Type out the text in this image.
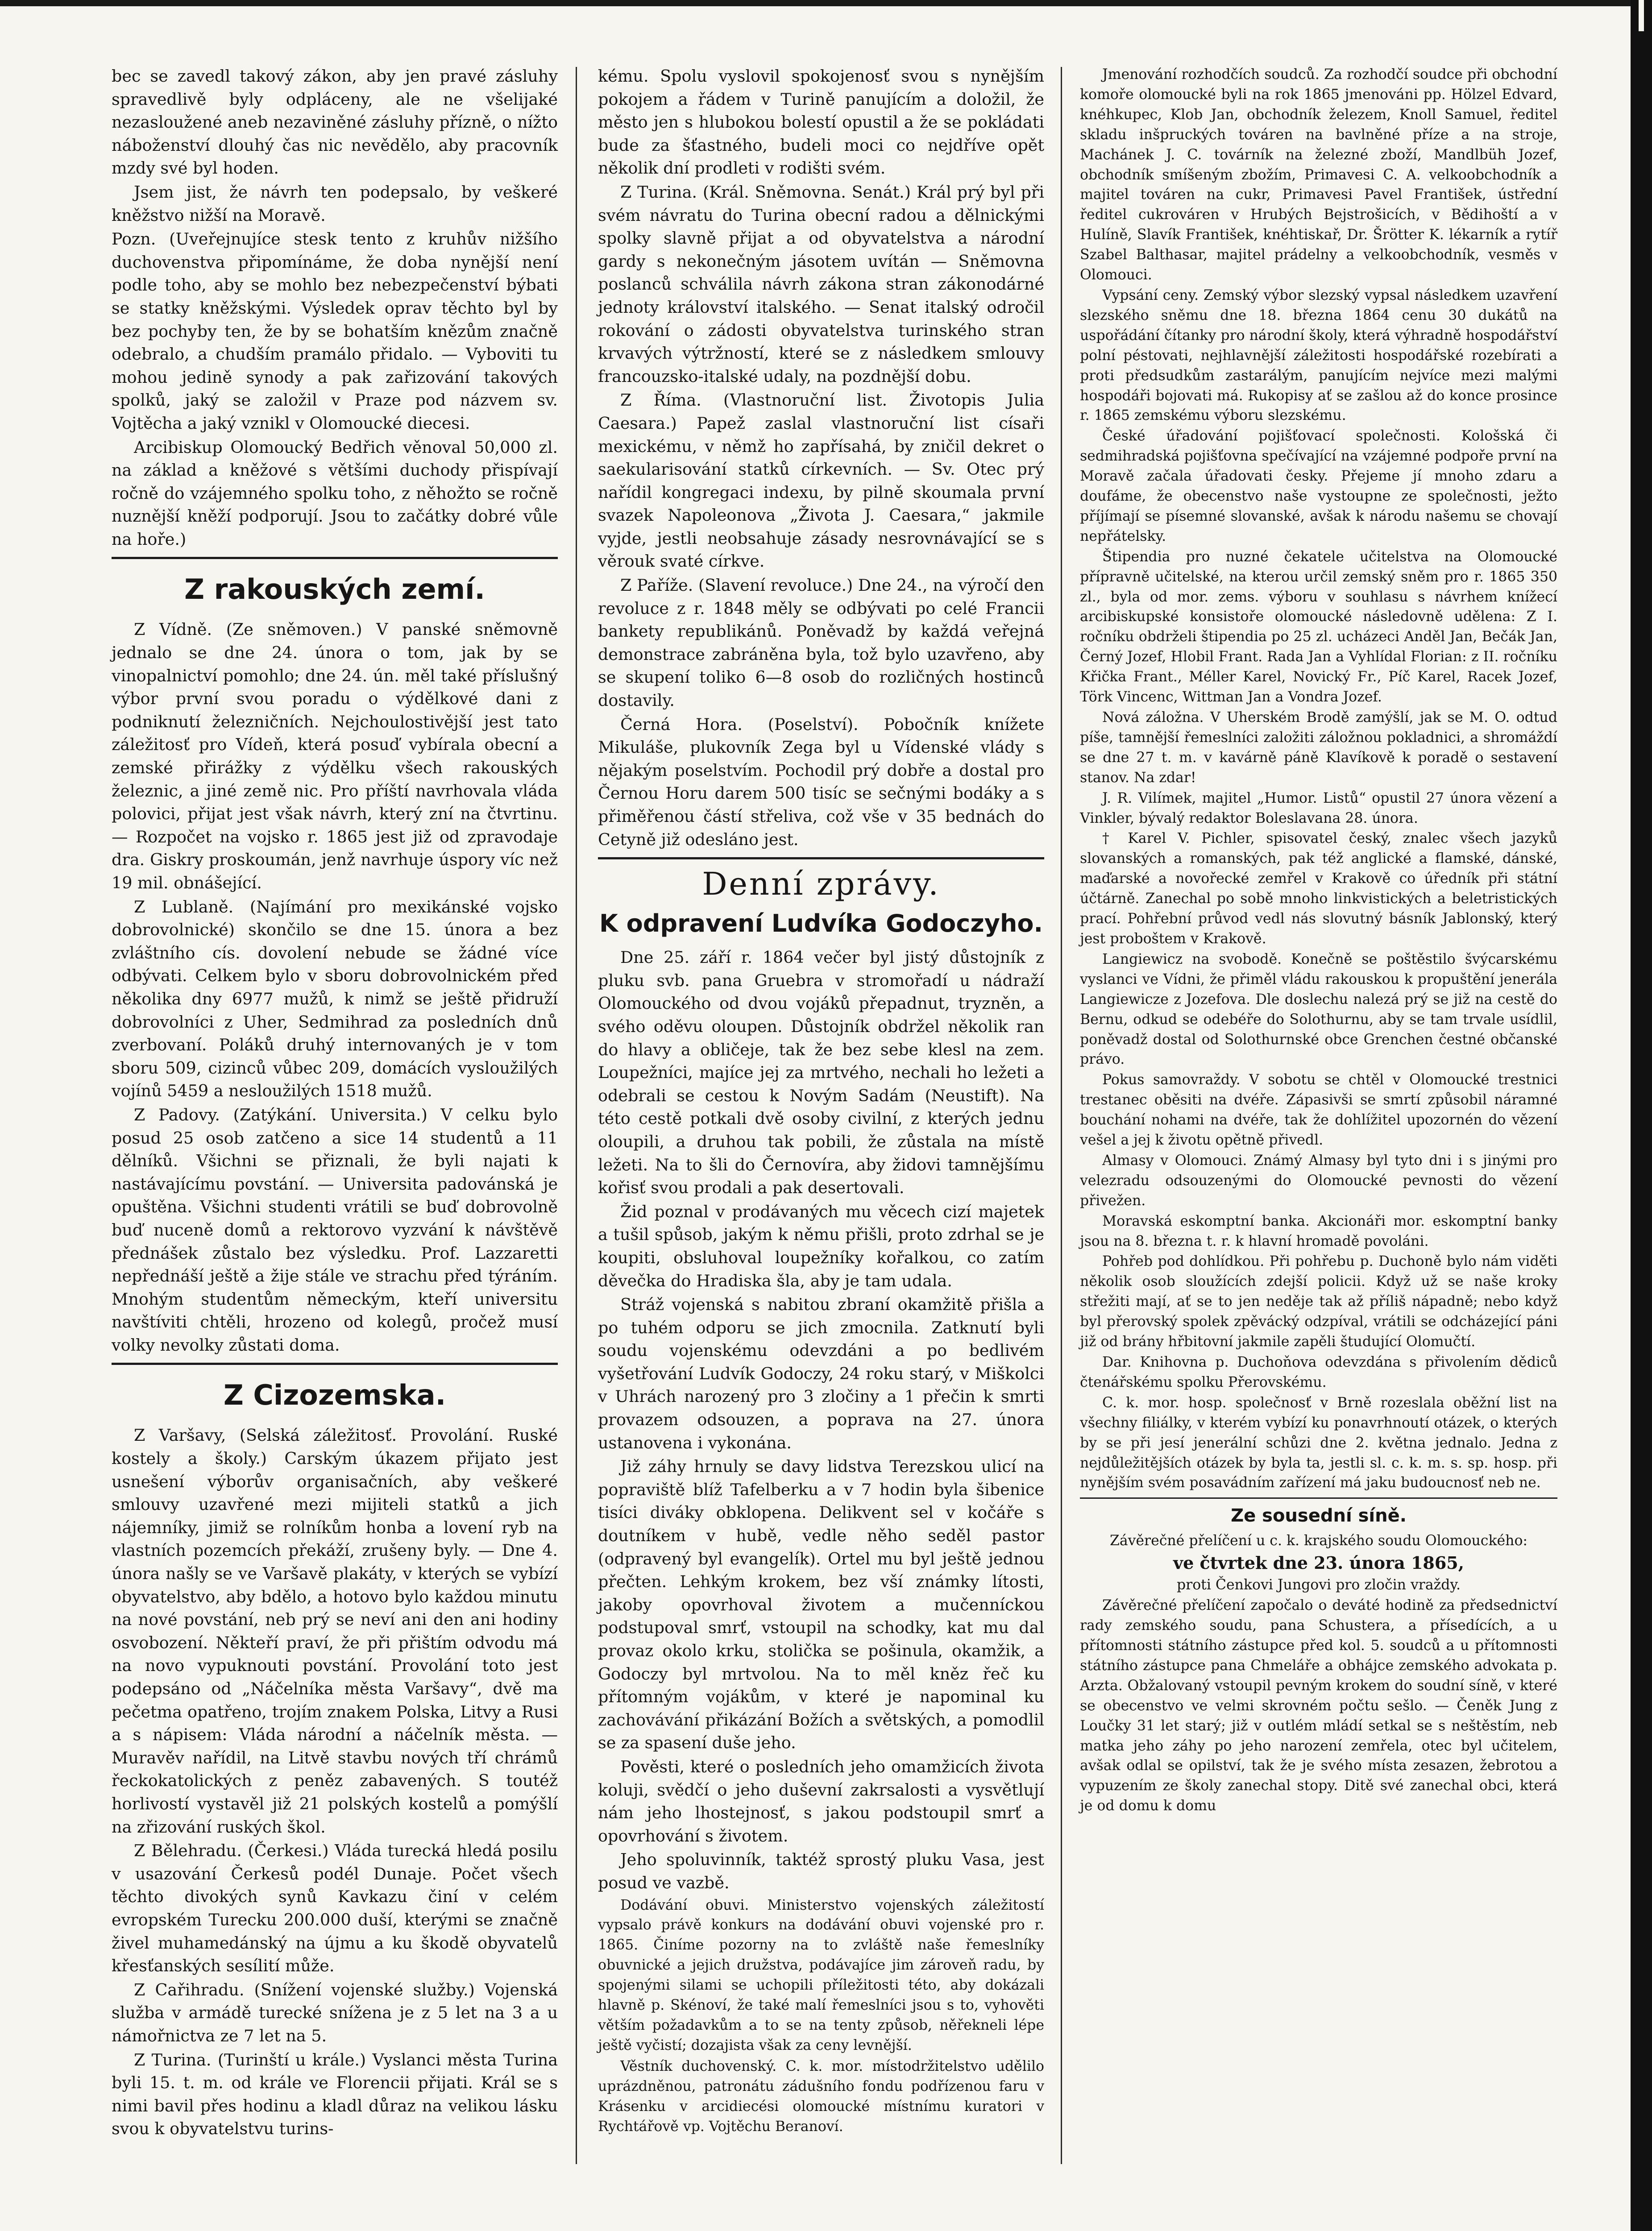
bec se zavedl takový zákon, aby jen pravé zásluhy spravedlivě byly odpláceny, ale ne všelijaké nezasloužené aneb nezaviněné zásluhy přízně, o nížto náboženství dlouhý čas nic nevědělo, aby pracovník mzdy své byl hoden.

Jsem jist, že návrh ten podepsalo, by veškeré kněžstvo nižší na Moravě.

Pozn. (Uveřejnujíce stesk tento z kruhův nižšího duchovenstva připomínáme, že doba nynější není podle toho, aby se mohlo bez nebezpečenství býbati se statky kněžskými. Výsledek oprav těchto byl by bez pochyby ten, že by se bohatším knězům značně odebralo, a chudším pramálo přidalo. — Vyboviti tu mohou jedině synody a pak zařizování takových spolků, jaký se založil v Praze pod názvem sv. Vojtěcha a jaký vznikl v Olomoucké diecesi.

Arcibiskup Olomoucký Bedřich věnoval 50,000 zl. na základ a kněžové s většími duchody přispívají ročně do vzájemného spolku toho, z něhožto se ročně nuznější kněží podporují. Jsou to začátky dobré vůle na hoře.)

Z rakouských zemí.

Z Vídně. (Ze sněmoven.) V panské sněmovně jednalo se dne 24. února o tom, jak by se vinopalnictví pomohlo; dne 24. ún. měl také příslušný výbor první svou poradu o výdělkové dani z podniknutí železničních. Nejchoulostivější jest tato záležitosť pro Vídeň, která posuď vybírala obecní a zemské přirážky z výdělku všech rakouských železnic, a jiné země nic. Pro příští navrhovala vláda polovici, přijat jest však návrh, který zní na čtvrtinu. — Rozpočet na vojsko r. 1865 jest již od zpravodaje dra. Giskry proskoumán, jenž navrhuje úspory víc než 19 mil. obnášející.

Z Lublaně. (Najímání pro mexikánské vojsko dobrovolnické) skončilo se dne 15. února a bez zvláštního cís. dovolení nebude se žádné více odbývati. Celkem bylo v sboru dobrovolnickém před několika dny 6977 mužů, k nimž se ještě přidruží dobrovolníci z Uher, Sedmihrad za posledních dnů zverbovaní. Poláků druhý internovaných je v tom sboru 509, cizinců vůbec 209, domácích vysloužilých vojínů 5459 a nesloužilých 1518 mužů.

Z Padovy. (Zatýkání. Universita.) V celku bylo posud 25 osob zatčeno a sice 14 studentů a 11 dělníků. Všichni se přiznali, že byli najati k nastávajícímu povstání. — Universita padovánská je opuštěna. Všichni studenti vrátili se buď dobrovolně buď nuceně domů a rektorovo vyzvání k návštěvě přednášek zůstalo bez výsledku. Prof. Lazzaretti nepřednáší ještě a žije stále ve strachu před týráním. Mnohým studentům německým, kteří universitu navštíviti chtěli, hrozeno od kolegů, pročež musí volky nevolky zůstati doma.

Z Cizozemska.

Z Varšavy, (Selská záležitosť. Provolání. Ruské kostely a školy.) Carským úkazem přijato jest usnešení výborův organisačních, aby veškeré smlouvy uzavřené mezi mijiteli statků a jich nájemníky, jimiž se rolníkům honba a lovení ryb na vlastních pozemcích překáží, zrušeny byly. — Dne 4. února našly se ve Varšavě plakáty, v kterých se vybízí obyvatelstvo, aby bdělo, a hotovo bylo každou minutu na nové povstání, neb prý se neví ani den ani hodiny osvobození. Někteří praví, že při přištím odvodu má na novo vypuknouti povstání. Provolání toto jest podepsáno od „Náčelníka města Varšavy“, dvě ma pečetma opatřeno, trojím znakem Polska, Litvy a Rusi a s nápisem: Vláda národní a náčelník města. — Muravěv nařídil, na Litvě stavbu nových tří chrámů řeckokatolických z peněz zabavených. S toutéž horlivostí vystavěl již 21 polských kostelů a pomýšlí na zřizování ruských škol.

Z Bělehradu. (Čerkesi.) Vláda turecká hledá posilu v usazování Čerkesů podél Dunaje. Počet všech těchto divokých synů Kavkazu činí v celém evropském Turecku 200.000 duší, kterými se značně živel muhamedánský na újmu a ku škodě obyvatelů křesťanských sesílití může.

Z Cařihradu. (Snížení vojenské služby.) Vojenská služba v armádě turecké snížena je z 5 let na 3 a u námořnictva ze 7 let na 5.

Z Turina. (Turinští u krále.) Vyslanci města Turina byli 15. t. m. od krále ve Florencii přijati. Král se s nimi bavil přes hodinu a kladl důraz na velikou lásku svou k obyvatelstvu turins-

kému. Spolu vyslovil spokojenosť svou s nynějším pokojem a řádem v Turině panujícím a doložil, že město jen s hlubokou bolestí opustil a že se pokládati bude za šťastného, budeli moci co nejdříve opět několik dní prodleti v rodišti svém.

Z Turina. (Král. Sněmovna. Senát.) Král prý byl při svém návratu do Turina obecní radou a dělnickými spolky slavně přijat a od obyvatelstva a národní gardy s nekonečným jásotem uvítán — Sněmovna poslanců schválila návrh zákona stran zákonodárné jednoty království italského. — Senat italský odročil rokování o zádosti obyvatelstva turinského stran krvavých výtržností, které se z následkem smlouvy francouzsko-italské udaly, na pozdnější dobu.

Z Říma. (Vlastnoruční list. Životopis Julia Caesara.) Papež zaslal vlastnoruční list císaři mexickému, v němž ho zapřísahá, by zničil dekret o saekularisování statků církevních. — Sv. Otec prý nařídil kongregaci indexu, by pilně skoumala první svazek Napoleonova „Života J. Caesara,“ jakmile vyjde, jestli neobsahuje zásady nesrovnávající se s věrouk svaté církve.

Z Paříže. (Slavení revoluce.) Dne 24., na výročí den revoluce z r. 1848 měly se odbývati po celé Francii bankety republikánů. Poněvadž by každá veřejná demonstrace zabráněna byla, tož bylo uzavřeno, aby se skupení toliko 6—8 osob do rozličných hostinců dostavily.

Černá Hora. (Poselství). Pobočník knížete Mikuláše, plukovník Zega byl u Vídenské vlády s nějakým poselstvím. Pochodil prý dobře a dostal pro Černou Horu darem 500 tisíc se sečnými bodáky a s přiměřenou částí střeliva, což vše v 35 bednách do Cetyně již odesláno jest.

Denní zprávy.
K odpravení Ludvíka Godoczyho.

Dne 25. září r. 1864 večer byl jistý důstojník z pluku svb. pana Gruebra v stromořadí u nádraží Olomouckého od dvou vojáků přepadnut, tryzněn, a svého oděvu oloupen. Důstojník obdržel několik ran do hlavy a obličeje, tak že bez sebe klesl na zem. Loupežníci, majíce jej za mrtvého, nechali ho ležeti a odebrali se cestou k Novým Sadám (Neustift). Na této cestě potkali dvě osoby civilní, z kterých jednu oloupili, a druhou tak pobili, že zůstala na místě ležeti. Na to šli do Černovíra, aby židovi tamnějšímu kořisť svou prodali a pak desertovali.

Žid poznal v prodávaných mu věcech cizí majetek a tušil spůsob, jakým k němu přišli, proto zdrhal se je koupiti, obsluhoval loupežníky kořalkou, co zatím děvečka do Hradiska šla, aby je tam udala.

Stráž vojenská s nabitou zbraní okamžitě přišla a po tuhém odporu se jich zmocnila. Zatknutí byli soudu vojenskému odevzdáni a po bedlivém vyšetřování Ludvík Godoczy, 24 roku starý, v Miškolci v Uhrách narozený pro 3 zločiny a 1 přečin k smrti provazem odsouzen, a poprava na 27. února ustanovena i vykonána.

Již záhy hrnuly se davy lidstva Terezskou ulicí na popraviště blíž Tafelberku a v 7 hodin byla šibenice tisíci diváky obklopena. Delikvent sel v kočáře s doutníkem v hubě, vedle něho seděl pastor (odpravený byl evangelík). Ortel mu byl ještě jednou přečten. Lehkým krokem, bez vší známky lítosti, jakoby opovrhoval životem a mučenníckou podstupoval smrť, vstoupil na schodky, kat mu dal provaz okolo krku, stolička se pošinula, okamžik, a Godoczy byl mrtvolou. Na to měl kněz řeč ku přítomným vojákům, v které je napominal ku zachovávání přikázání Božích a světských, a pomodlil se za spasení duše jeho.

Pověsti, které o posledních jeho omamžicích života koluji, svědčí o jeho duševní zakrsalosti a vysvětlují nám jeho lhostejnosť, s jakou podstoupil smrť a opovrhování s životem.

Jeho spoluvinník, taktéž sprostý pluku Vasa, jest posud ve vazbě.

Dodávání obuvi. Ministerstvo vojenských záležitostí vypsalo právě konkurs na dodávání obuvi vojenské pro r. 1865. Činíme pozorny na to zvláště naše řemeslníky obuvnické a jejich družstva, podávajíce jim zároveň radu, by spojenými silami se uchopili příležitosti této, aby dokázali hlavně p. Skénoví, že také malí řemeslníci jsou s to, vyhověti větším požadavkům a to se na tenty způsob, něřekneli lépe ještě vyčistí; dozajista však za ceny levnější.

Věstník duchovenský. C. k. mor. místodržitelstvo udělilo uprázdněnou, patronátu zádušního fondu podřízenou faru v Krásenku v arcidiecési olomoucké místnímu kuratori v Rychtářově vp. Vojtěchu Beranoví.

Jmenování rozhodčích soudců. Za rozhodčí soudce při obchodní komoře olomoucké byli na rok 1865 jmenováni pp. Hölzel Edvard, knéhkupec, Klob Jan, obchodník železem, Knoll Samuel, ředitel skladu inšpruckých továren na bavlněné příze a na stroje, Machánek J. C. továrník na železné zboží, Mandlbüh Jozef, obchodník smíšeným zbožím, Primavesi C. A. velkoobchodník a majitel továren na cukr, Primavesi Pavel František, ústřední ředitel cukrováren v Hrubých Bejstrošicích, v Bědihoští a v Hulíně, Slavík František, knéhtiskař, Dr. Šrötter K. lékarník a rytíř Szabel Balthasar, majitel prádelny a velkoobchodník, vesměs v Olomouci.

Vypsání ceny. Zemský výbor slezský vypsal následkem uzavření slezského sněmu dne 18. března 1864 cenu 30 dukátů na uspořádání čítanky pro národní školy, která výhradně hospodářství polní péstovati, nejhlavnější záležitosti hospodářské rozebírati a proti předsudkům zastarálým, panujícím nejvíce mezi malými hospodáři bojovati má. Rukopisy ať se zašlou až do konce prosince r. 1865 zemskému výboru slezskému.

České úřadování pojišťovací společnosti. Kološská či sedmihradská pojišťovna spečívající na vzájemné podpoře první na Moravě začala úřadovati česky. Přejeme jí mnoho zdaru a doufáme, že obecenstvo naše vystoupne ze společnosti, ježto příjímají se písemné slovanské, avšak k národu našemu se chovají nepřátelsky.

Štipendia pro nuzné čekatele učitelstva na Olomoucké přípravně učitelské, na kterou určil zemský sněm pro r. 1865 350 zl., byla od mor. zems. výboru v souhlasu s návrhem knížecí arcibiskupské konsistoře olomoucké následovně udělena: Z I. ročníku obdrželi štipendia po 25 zl. ucházeci Anděl Jan, Bečák Jan, Černý Jozef, Hlobil Frant. Rada Jan a Vyhlídal Florian: z II. ročníku Křička Frant., Méller Karel, Novický Fr., Píč Karel, Racek Jozef, Törk Vincenc, Wittman Jan a Vondra Jozef.

Nová záložna. V Uherském Brodě zamýšlí, jak se M. O. odtud píše, tamnější řemeslníci založiti záložnou pokladnici, a shromáždí se dne 27 t. m. v kavárně páně Klavíkově k poradě o sestavení stanov. Na zdar!

J. R. Vilímek, majitel „Humor. Listů“ opustil 27 února vězení a Vinkler, bývalý redaktor Boleslavana 28. února.

† Karel V. Pichler, spisovatel český, znalec všech jazyků slovanských a romanských, pak též anglické a flamské, dánské, maďarské a novořecké zemřel v Krakově co úředník při státní účtárně. Zanechal po sobě mnoho linkvistických a beletristických prací. Pohřební průvod vedl nás slovutný básník Jablonský, který jest proboštem v Krakově.

Langiewicz na svobodě. Konečně se poštěstilo švýcarskému vyslanci ve Vídni, že přiměl vládu rakouskou k propuštění jenerála Langiewicze z Jozefova. Dle doslechu nalezá prý se již na cestě do Bernu, odkud se odebéře do Solothurnu, aby se tam trvale usídlil, poněvadž dostal od Solothurnské obce Grenchen čestné občanské právo.

Pokus samovraždy. V sobotu se chtěl v Olomoucké trestnici trestanec oběsiti na dvéře. Zápasivši se smrtí způsobil náramné bouchání nohami na dvéře, tak že dohlížitel upozornén do vězení vešel a jej k životu opětně přivedl.

Almasy v Olomouci. Známý Almasy byl tyto dni i s jinými pro velezradu odsouzenými do Olomoucké pevnosti do vězení přivežen.

Moravská eskomptní banka. Akcionáři mor. eskomptní banky jsou na 8. března t. r. k hlavní hromadě povoláni.

Pohřeb pod dohlídkou. Při pohřebu p. Duchoně bylo nám viděti několik osob sloužících zdejší policii. Když už se naše kroky střežiti mají, ať se to jen neděje tak až příliš nápadně; nebo když byl přerovský spolek zpěvácký odzpíval, vrátili se odcházející páni již od brány hřbitovní jakmile zapěli študující Olomučtí.

Dar. Knihovna p. Duchoňova odevzdána s přivolením dědiců čtenářskému spolku Přerovskému.

C. k. mor. hosp. společnosť v Brně rozeslala oběžní list na všechny filiálky, v kterém vybízí ku ponavrhnoutí otázek, o kterých by se při jesí jenerální schůzi dne 2. května jednalo. Jedna z nejdůležitějších otázek by byla ta, jestli sl. c. k. m. s. sp. hosp. při nynějším svém posavádním zařízení má jaku budoucnosť neb ne.

Ze sousední síně.

Závěrečné přelíčení u c. k. krajského soudu Olomouckého:

ve čtvrtek dne 23. února 1865,

proti Čenkovi Jungovi pro zločin vraždy.

Závěrečné přelíčení započalo o deváté hodině za předsednictví rady zemského soudu, pana Schustera, a přísedících, a u přítomnosti státního zástupce před kol. 5. soudců a u přítomnosti státního zástupce pana Chmeláře a obhájce zemského advokata p. Arzta. Obžalovaný vstoupil pevným krokem do soudní síně, v které se obecenstvo ve velmi skrovném počtu sešlo. — Čeněk Jung z Loučky 31 let starý; již v outlém mládí setkal se s neštěstím, neb matka jeho záhy po jeho narození zemřela, otec byl učitelem, avšak odlal se opilství, tak že je svého místa zesazen, žebrotou a vypuzením ze školy zanechal stopy. Ditě své zanechal obci, která je od domu k domu
